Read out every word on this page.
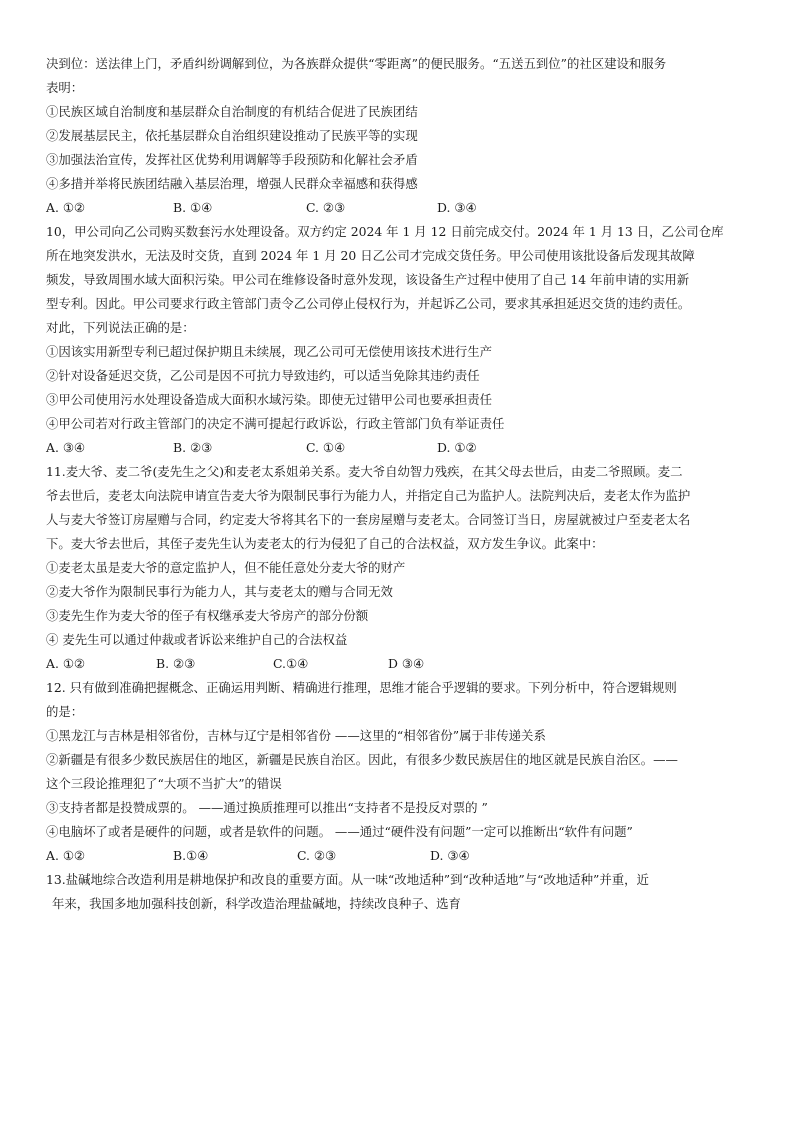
决到位：送法律上门，矛盾纠纷调解到位，为各族群众提供“零距离”的便民服务。“五送五到位”的社区建设和服务
表明：
①民族区域自治制度和基层群众自治制度的有机结合促进了民族团结
②发展基层民主，依托基层群众自治组织建设推动了民族平等的实现
③加强法治宣传，发挥社区优势利用调解等手段预防和化解社会矛盾
④多措并举将民族团结融入基层治理，增强人民群众幸福感和获得感
A. ①②	B. ①④	C. ②③	D. ③④
10，甲公司向乙公司购买数套污水处理设备。双方约定 2024 年 1 月 12 日前完成交付。2024 年 1 月 13 日，乙公司仓库
所在地突发洪水，无法及时交货，直到 2024 年 1 月 20 日乙公司才完成交货任务。甲公司使用该批设备后发现其故障
频发，导致周围水域大面积污染。甲公司在维修设备时意外发现，该设备生产过程中使用了自己 14 年前申请的实用新
型专利。因此。甲公司要求行政主管部门责令乙公司停止侵权行为，并起诉乙公司，要求其承担延迟交货的违约责任。
对此，下列说法正确的是：
①因该实用新型专利已超过保护期且未续展，现乙公司可无偿使用该技术进行生产
②针对设备延迟交货，乙公司是因不可抗力导致违约，可以适当免除其违约责任
③甲公司使用污水处理设备造成大面积水域污染。即使无过错甲公司也要承担责任
④甲公司若对行政主管部门的决定不满可提起行政诉讼，行政主管部门负有举证责任
A. ③④	B. ②③	C. ①④	D. ①②
11.麦大爷、麦二爷(麦先生之父)和麦老太系姐弟关系。麦大爷自幼智力残疾，在其父母去世后，由麦二爷照顾。麦二
爷去世后，麦老太向法院申请宣告麦大爷为限制民事行为能力人，并指定自己为监护人。法院判决后，麦老太作为监护
人与麦大爷签订房屋赠与合同，约定麦大爷将其名下的一套房屋赠与麦老太。合同签订当日，房屋就被过户至麦老太名
下。麦大爷去世后，其侄子麦先生认为麦老太的行为侵犯了自己的合法权益，双方发生争议。此案中：
①麦老太虽是麦大爷的意定监护人，但不能任意处分麦大爷的财产
②麦大爷作为限制民事行为能力人，其与麦老太的赠与合同无效
③麦先生作为麦大爷的侄子有权继承麦大爷房产的部分份额
④ 麦先生可以通过仲裁或者诉讼来维护自己的合法权益
A. ①②	B. ②③	C.①④	D ③④
12. 只有做到准确把握概念、正确运用判断、精确进行推理，思维才能合乎逻辑的要求。下列分析中，符合逻辑规则
的是：
①黑龙江与吉林是相邻省份，吉林与辽宁是相邻省份 ——这里的“相邻省份”属于非传递关系
②新疆是有很多少数民族居住的地区，新疆是民族自治区。因此，有很多少数民族居住的地区就是民族自治区。——
这个三段论推理犯了“大项不当扩大”的错误
③支持者都是投赞成票的。 ——通过换质推理可以推出“支持者不是投反对票的 ”
④电脑坏了或者是硬件的问题，或者是软件的问题。 ——通过“硬件没有问题”一定可以推断出“软件有问题”
A. ①②	B.①④	C. ②③	D. ③④
13.盐碱地综合改造利用是耕地保护和改良的重要方面。从一味“改地适种”到“改种适地”与“改地适种”并重，近
年来，我国多地加强科技创新，科学改造治理盐碱地，持续改良种子、选育
